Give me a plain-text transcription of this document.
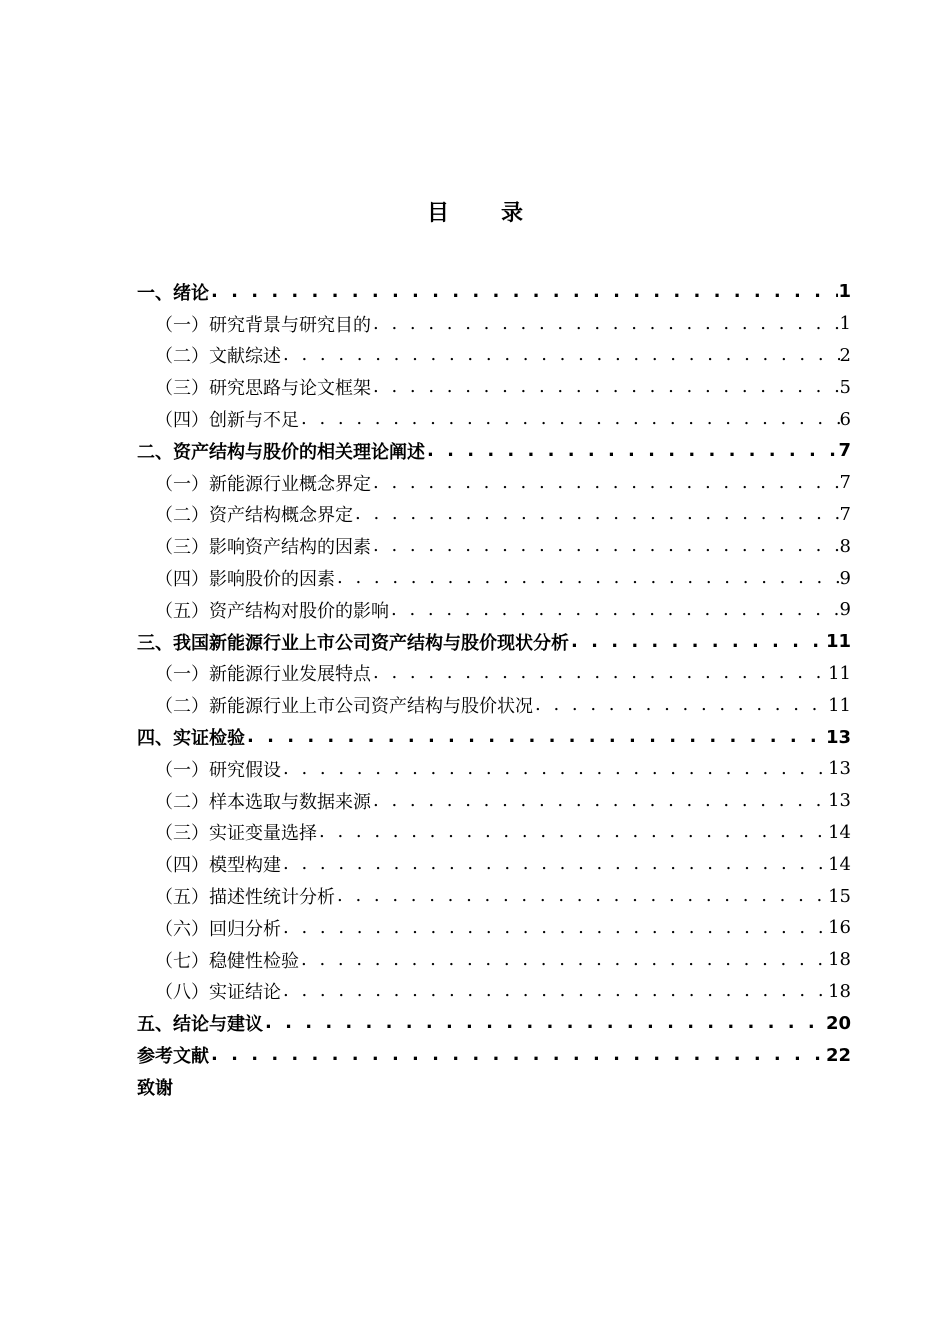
目 录
一、绪论 . . .	1
（一）研究背景与研究目的 . . .	1
（二）文献综述 . . .	2
（三）研究思路与论文框架 . . .	5
（四）创新与不足 . . .	6
二、资产结构与股价的相关理论阐述 . . .	7
（一）新能源行业概念界定 . . .	7
（二）资产结构概念界定 . . .	7
（三）影响资产结构的因素 . . .	8
（四）影响股价的因素 . . .	9
（五）资产结构对股价的影响 . . .	9
三、我国新能源行业上市公司资产结构与股价现状分析 . . .	11
（一）新能源行业发展特点 . . .	11
（二）新能源行业上市公司资产结构与股价状况 . . .	11
四、实证检验 . . .	13
（一）研究假设 . . .	13
（二）样本选取与数据来源 . . .	13
（三）实证变量选择 . . .	14
（四）模型构建 . . .	14
（五）描述性统计分析 . . .	15
（六）回归分析 . . .	16
（七）稳健性检验 . . .	18
（八）实证结论 . . .	18
五、结论与建议 . . .	20
参考文献 . . .	22
致谢
